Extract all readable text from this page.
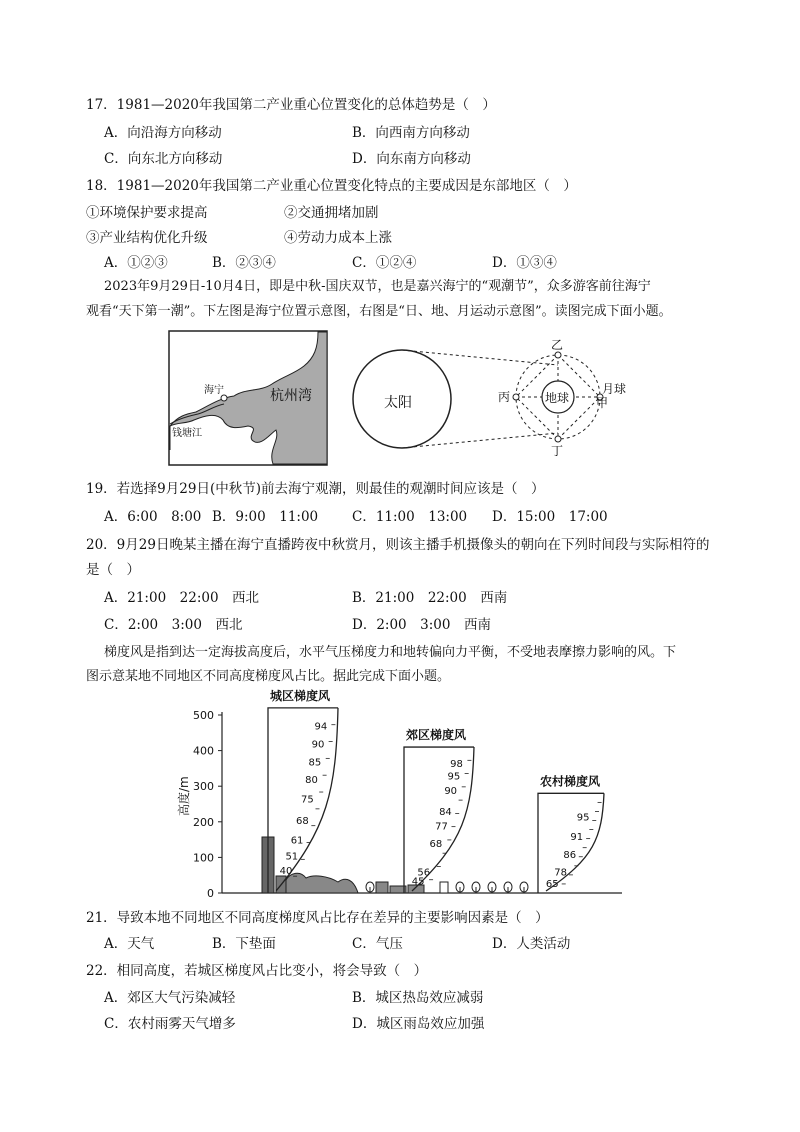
17．1981—2020年我国第二产业重心位置变化的总体趋势是（　）
A．向沿海方向移动	B．向西南方向移动
C．向东北方向移动	D．向东南方向移动
18．1981—2020年我国第二产业重心位置变化特点的主要成因是东部地区（　）
①环境保护要求提高	②交通拥堵加剧
③产业结构优化升级	④劳动力成本上涨
A．①②③	B．②③④	C．①②④	D．①③④
2023年9月29日-10月4日，即是中秋-国庆双节，也是嘉兴海宁的“观潮节”，众多游客前往海宁
观看“天下第一潮”。下左图是海宁位置示意图，右图是“日、地、月运动示意图”。读图完成下面小题。
海宁	杭州湾
钱塘江
太阳	地球
乙
丙
丁
月球
甲
19．若选择9月29日(中秋节)前去海宁观潮，则最佳的观潮时间应该是（　）
A．6:00　8:00 B．9:00　11:00	C．11:00　13:00 D．15:00　17:00
20．9月29日晚某主播在海宁直播跨夜中秋赏月，则该主播手机摄像头的朝向在下列时间段与实际相符的
是（　）
A．21:00　22:00　西北	B．21:00　22:00　西南
C．2:00　3:00　西北	D．2:00　3:00　西南
梯度风是指到达一定海拔高度后，水平气压梯度力和地转偏向力平衡，不受地表摩擦力影响的风。下
图示意某地不同地区不同高度梯度风占比。据此完成下面小题。
高度/m
0
100
200
300
400
500
城区梯度风
94
90
85
80
75
68
61
51
40
郊区梯度风
98
95
90
84
77
68
56
45
农村梯度风
95
91
86
78
65
21．导致本地不同地区不同高度梯度风占比存在差异的主要影响因素是（　）
A．天气	B．下垫面	C．气压	D．人类活动
22．相同高度，若城区梯度风占比变小，将会导致（　）
A．郊区大气污染减轻	B．城区热岛效应减弱
C．农村雨雾天气增多	D．城区雨岛效应加强
